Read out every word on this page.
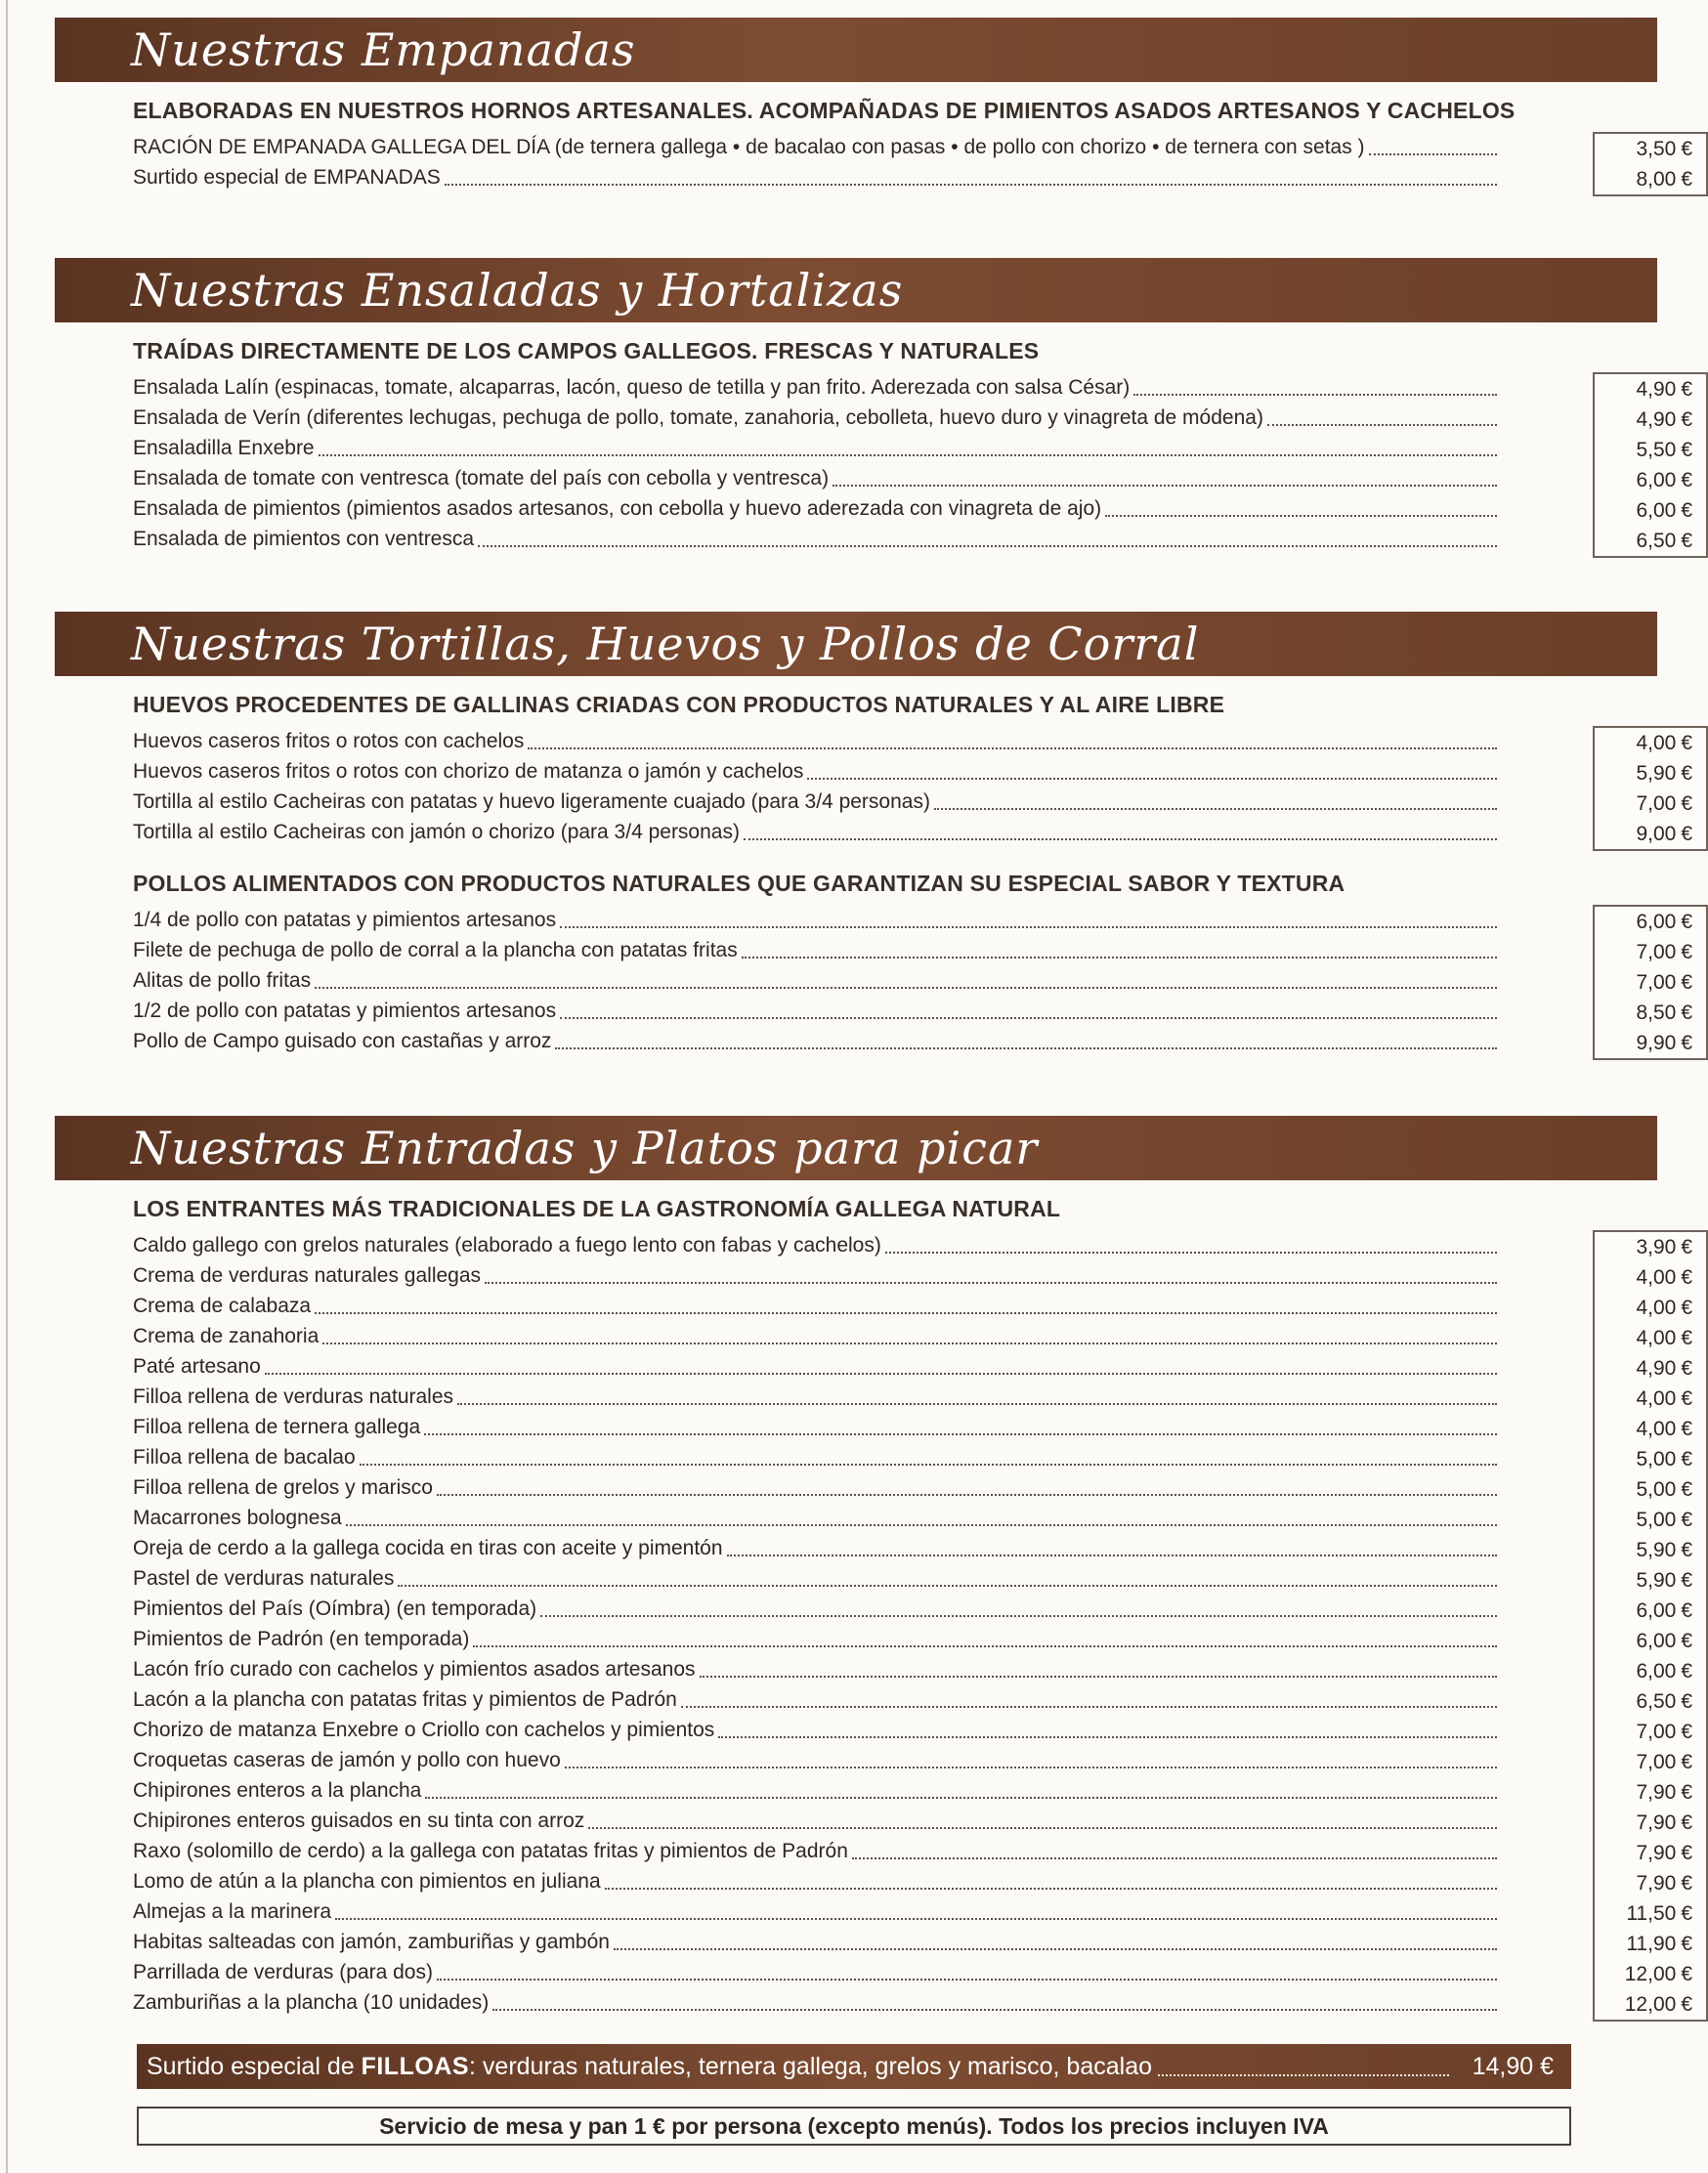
Nuestras Empanadas
ELABORADAS EN NUESTROS HORNOS ARTESANALES. ACOMPAÑADAS DE PIMIENTOS ASADOS ARTESANOS Y CACHELOS
RACIÓN DE EMPANADA GALLEGA DEL DÍA (de ternera gallega • de bacalao con pasas • de pollo con chorizo • de ternera con setas )
Surtido especial de EMPANADAS
3,50 €
8,00 €
Nuestras Ensaladas y Hortalizas
TRAÍDAS DIRECTAMENTE DE LOS CAMPOS GALLEGOS. FRESCAS Y NATURALES
Ensalada Lalín (espinacas, tomate, alcaparras, lacón, queso de tetilla y pan frito. Aderezada con salsa César)
Ensalada de Verín (diferentes lechugas, pechuga de pollo, tomate, zanahoria, cebolleta, huevo duro y vinagreta de módena)
Ensaladilla Enxebre
Ensalada de tomate con ventresca (tomate del país con cebolla y ventresca)
Ensalada de pimientos (pimientos asados artesanos, con cebolla y huevo aderezada con vinagreta de ajo)
Ensalada de pimientos con ventresca
4,90 €
4,90 €
5,50 €
6,00 €
6,00 €
6,50 €
Nuestras Tortillas, Huevos y Pollos de Corral
HUEVOS PROCEDENTES DE GALLINAS CRIADAS CON PRODUCTOS NATURALES Y AL AIRE LIBRE
Huevos caseros fritos o rotos con cachelos
Huevos caseros fritos o rotos con chorizo de matanza o jamón y cachelos
Tortilla al estilo Cacheiras con patatas y huevo ligeramente cuajado (para 3/4 personas)
Tortilla al estilo Cacheiras con jamón o chorizo (para 3/4 personas)
4,00 €
5,90 €
7,00 €
9,00 €
POLLOS ALIMENTADOS CON PRODUCTOS NATURALES QUE GARANTIZAN SU ESPECIAL SABOR Y TEXTURA
1/4 de pollo con patatas y pimientos artesanos
Filete de pechuga de pollo de corral a la plancha con patatas fritas
Alitas de pollo fritas
1/2 de pollo con patatas y pimientos artesanos
Pollo de Campo guisado con castañas y arroz
6,00 €
7,00 €
7,00 €
8,50 €
9,90 €
Nuestras Entradas y Platos para picar
LOS ENTRANTES MÁS TRADICIONALES DE LA GASTRONOMÍA GALLEGA NATURAL
Caldo gallego con grelos naturales (elaborado a fuego lento con fabas y cachelos)
Crema de verduras naturales gallegas
Crema de calabaza
Crema de zanahoria
Paté artesano
Filloa rellena de verduras naturales
Filloa rellena de ternera gallega
Filloa rellena de bacalao
Filloa rellena de grelos y marisco
Macarrones bolognesa
Oreja de cerdo a la gallega cocida en tiras con aceite y pimentón
Pastel de verduras naturales
Pimientos del País (Oímbra) (en temporada)
Pimientos de Padrón (en temporada)
Lacón frío curado con cachelos y pimientos asados artesanos
Lacón a la plancha con patatas fritas y pimientos de Padrón
Chorizo de matanza Enxebre o Criollo con cachelos y pimientos
Croquetas caseras de jamón y pollo con huevo
Chipirones enteros a la plancha
Chipirones enteros guisados en su tinta con arroz
Raxo (solomillo de cerdo) a la gallega con patatas fritas y pimientos de Padrón
Lomo de atún a la plancha con pimientos en juliana
Almejas a la marinera
Habitas salteadas con jamón, zamburiñas y gambón
Parrillada de verduras (para dos)
Zamburiñas a la plancha (10 unidades)
3,90 €
4,00 €
4,00 €
4,00 €
4,90 €
4,00 €
4,00 €
5,00 €
5,00 €
5,00 €
5,90 €
5,90 €
6,00 €
6,00 €
6,00 €
6,50 €
7,00 €
7,00 €
7,90 €
7,90 €
7,90 €
7,90 €
11,50 €
11,90 €
12,00 €
12,00 €
Surtido especial de FILLOAS: verduras naturales, ternera gallega, grelos y marisco, bacalao	14,90 €
Servicio de mesa y pan 1 € por persona (excepto menús). Todos los precios incluyen IVA
